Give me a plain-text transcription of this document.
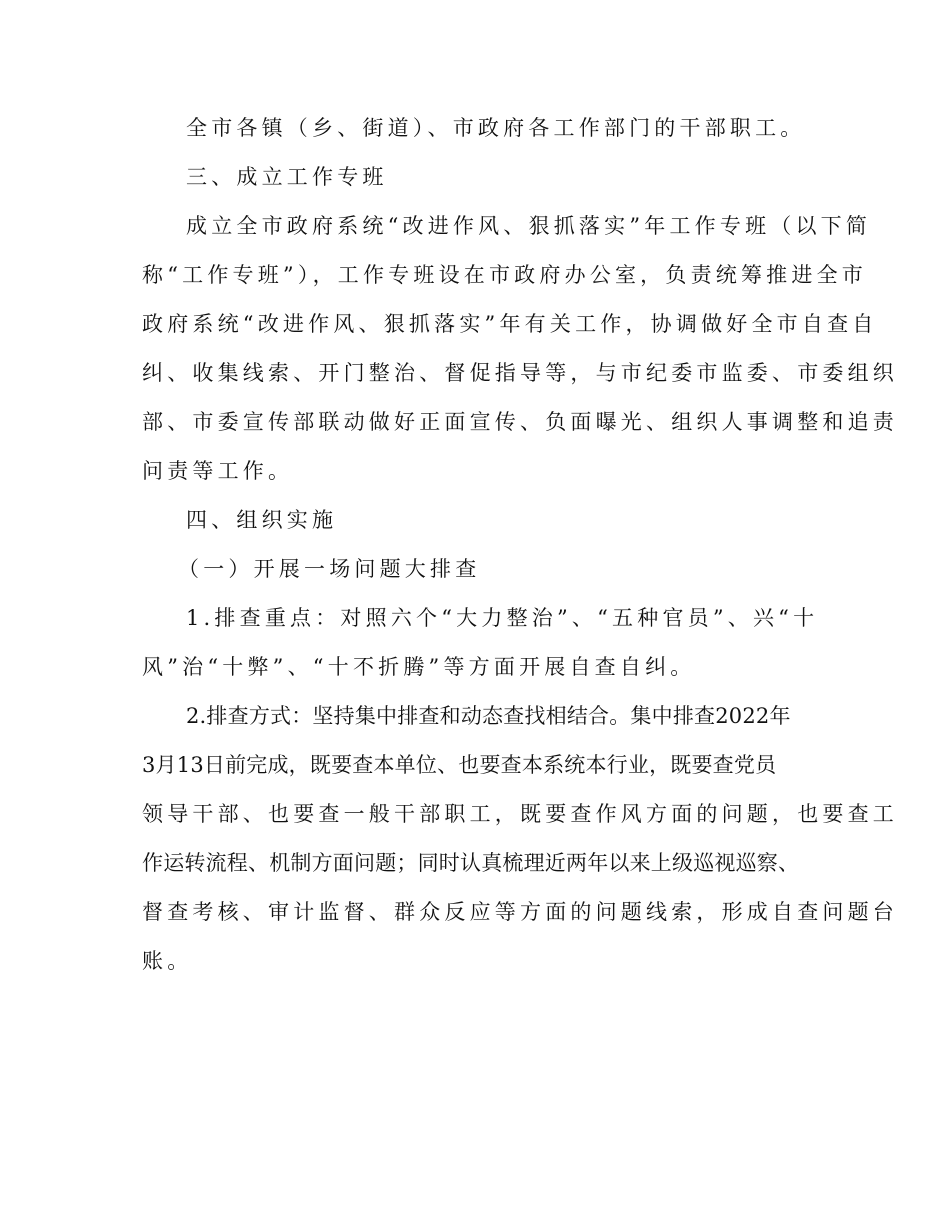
全市各镇（乡、街道）、市政府各工作部门的干部职工。
三、成立工作专班
成立全市政府系统“改进作风、狠抓落实”年工作专班（以下简
称“工作专班”），工作专班设在市政府办公室，负责统筹推进全市
政府系统“改进作风、狠抓落实”年有关工作，协调做好全市自查自
纠、收集线索、开门整治、督促指导等，与市纪委市监委、市委组织
部、市委宣传部联动做好正面宣传、负面曝光、组织人事调整和追责
问责等工作。
四、组织实施
（一）开展一场问题大排查
1.排查重点：对照六个“大力整治”、“五种官员”、兴“十
风”治“十弊”、“十不折腾”等方面开展自查自纠。
2.排查方式：坚持集中排查和动态查找相结合。集中排查2022年
3月13日前完成，既要查本单位、也要查本系统本行业，既要查党员
领导干部、也要查一般干部职工，既要查作风方面的问题，也要查工
作运转流程、机制方面问题；同时认真梳理近两年以来上级巡视巡察、
督查考核、审计监督、群众反应等方面的问题线索，形成自查问题台
账。
